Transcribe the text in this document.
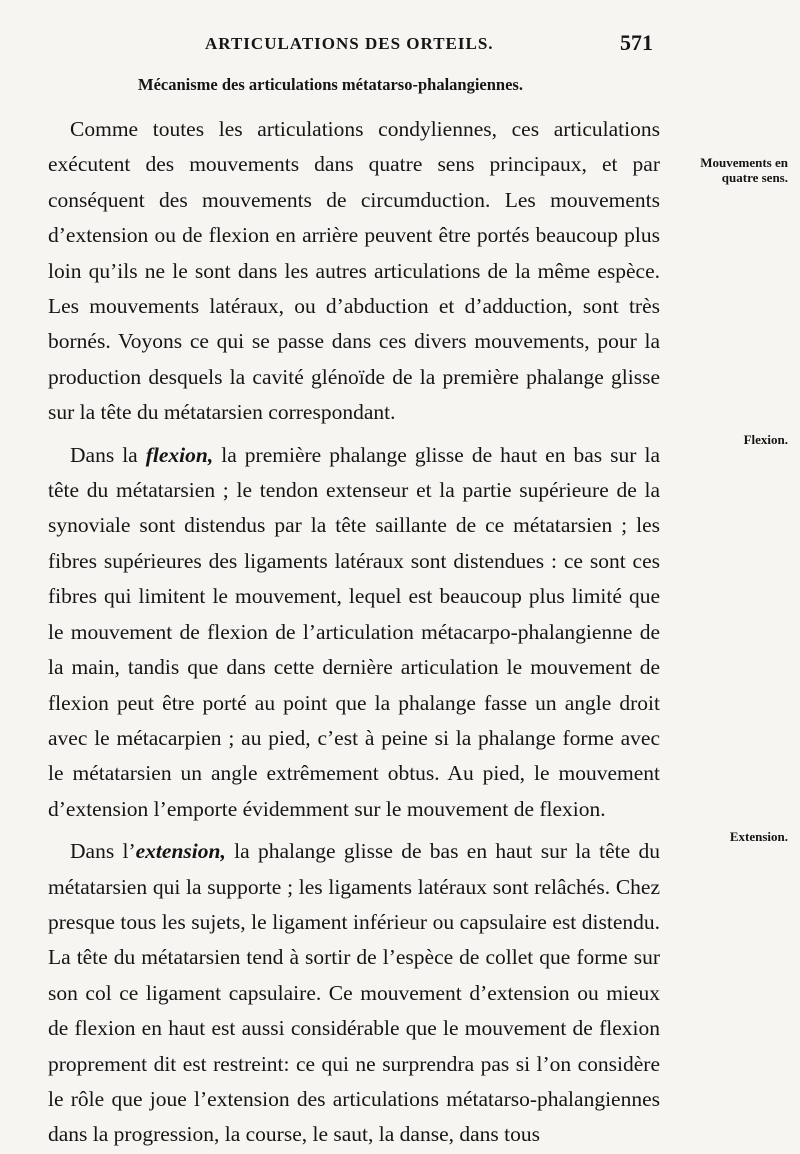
ARTICULATIONS DES ORTEILS.	571
Mécanisme des articulations métatarso-phalangiennes.

Comme toutes les articulations condyliennes, ces articulations exécutent des mouvements dans quatre sens principaux, et par conséquent des mouvements de circumduction. Les mouvements d’extension ou de flexion en arrière peuvent être portés beaucoup plus loin qu’ils ne le sont dans les autres articulations de la même espèce. Les mouvements latéraux, ou d’abduction et d’adduction, sont très bornés. Voyons ce qui se passe dans ces divers mouvements, pour la production desquels la cavité glénoïde de la première phalange glisse sur la tête du métatarsien correspondant.

Dans la flexion, la première phalange glisse de haut en bas sur la tête du métatarsien ; le tendon extenseur et la partie supérieure de la synoviale sont distendus par la tête saillante de ce métatarsien ; les fibres supérieures des ligaments latéraux sont distendues : ce sont ces fibres qui limitent le mouvement, lequel est beaucoup plus limité que le mouvement de flexion de l’articulation métacarpo-phalangienne de la main, tandis que dans cette dernière articulation le mouvement de flexion peut être porté au point que la phalange fasse un angle droit avec le métacarpien ; au pied, c’est à peine si la phalange forme avec le métatarsien un angle extrêmement obtus. Au pied, le mouvement d’extension l’emporte évidemment sur le mouvement de flexion.

Dans l’extension, la phalange glisse de bas en haut sur la tête du métatarsien qui la supporte ; les ligaments latéraux sont relâchés. Chez presque tous les sujets, le ligament inférieur ou capsulaire est distendu. La tête du métatarsien tend à sortir de l’espèce de collet que forme sur son col ce ligament capsulaire. Ce mouvement d’extension ou mieux de flexion en haut est aussi considérable que le mouvement de flexion proprement dit est restreint: ce qui ne surprendra pas si l’on considère le rôle que joue l’extension des articulations métatarso-phalangiennes dans la progression, la course, le saut, la danse, dans tous

Mouvements en quatre sens.
Flexion.
Extension.
